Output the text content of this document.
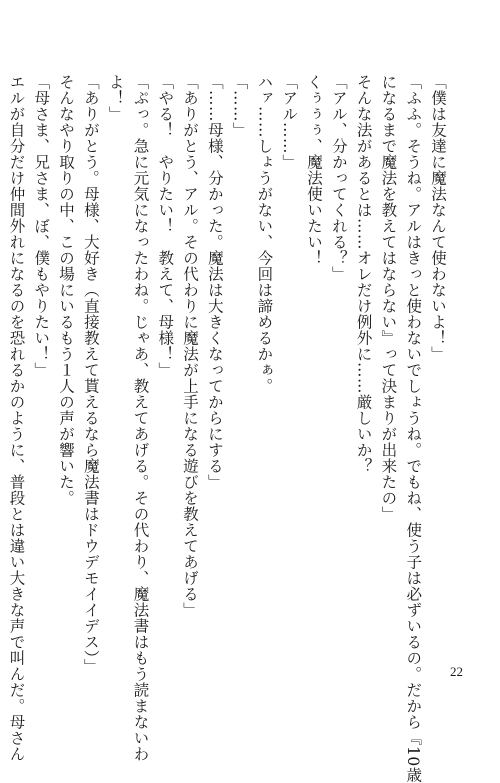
「僕は友達に魔法なんて使わないよ！」

「ふふ。そうね。アルはきっと使わないでしょうね。でもね、使う子は必ずいるの。だから『10歳

になるまで魔法を教えてはならない』って決まりが出来たの」

そんな法があるとは……オレだけ例外に……厳しいか？

「アル、分かってくれる？」

くぅぅぅ、魔法使いたい！

「アル……」

ハァ……しょうがない、今回は諦めるかぁ。

「……」

「……母様、分かった。魔法は大きくなってからにする」

「ありがとう、アル。その代わりに魔法が上手になる遊びを教えてあげる」

「やる！　やりたい！　教えて、母様！」

「ぷっ。急に元気になったわね。じゃあ、教えてあげる。その代わり、魔法書はもう読まないわ

よ！」

「ありがとう。母様、大好き（直接教えて貰えるなら魔法書はドウデモイイデス）」

そんなやり取りの中、この場にいるもう１人の声が響いた。

「母さま、兄さま、ぼ、僕もやりたい！」

エルが自分だけ仲間外れになるのを恐れるかのように、普段とは違い大きな声で叫んだ。母さん	22
